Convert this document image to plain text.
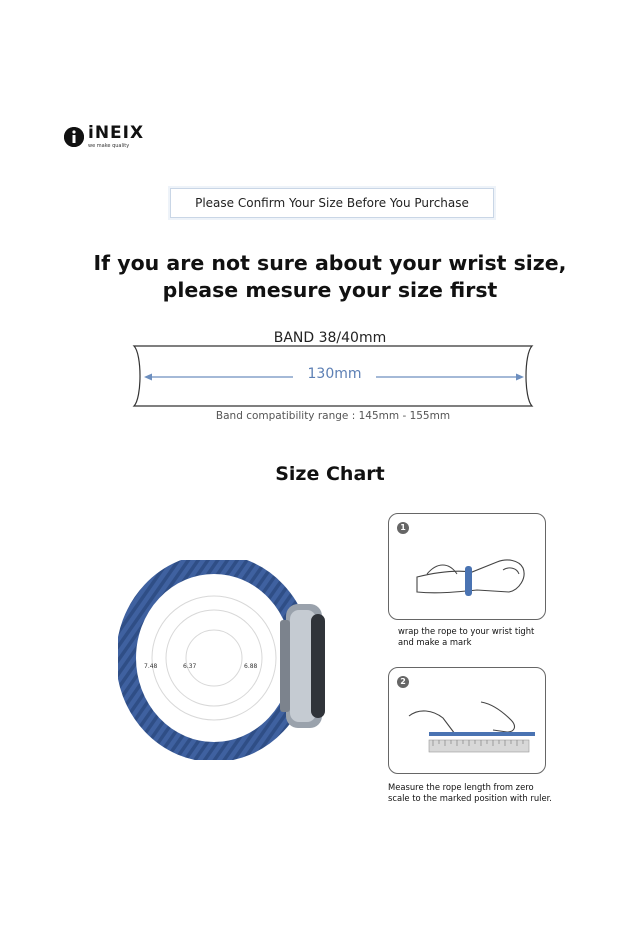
iNEIX
we make quality
Please Confirm Your Size Before You Purchase
If you are not sure about your wrist size,
please mesure your size first
BAND 38/40mm
130mm
Band compatibility range : 145mm - 155mm
Size Chart
7.48	6.37	6.88
1
wrap the rope to your wrist tight
and make a mark
2
Measure the rope length from zero
scale to the marked position with ruler.
